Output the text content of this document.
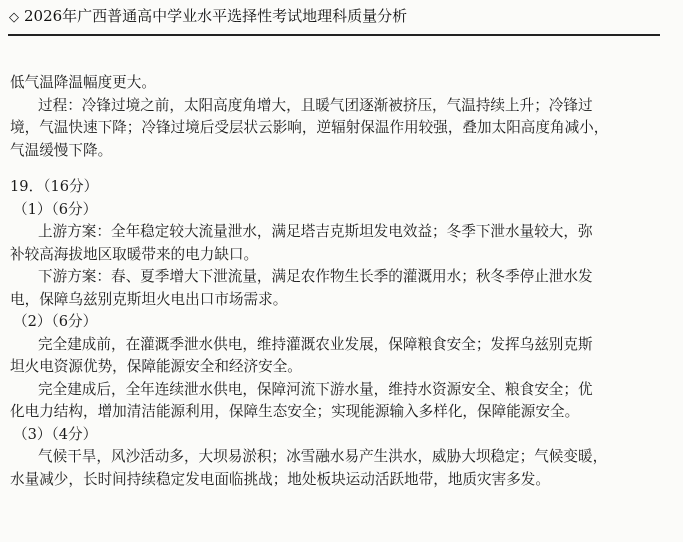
◇ 2026年广西普通高中学业水平选择性考试地理科质量分析

低气温降温幅度更大。

过程：冷锋过境之前，太阳高度角增大，且暖气团逐渐被挤压，气温持续上升；冷锋过

境，气温快速下降；冷锋过境后受层状云影响，逆辐射保温作用较强，叠加太阳高度角减小，

气温缓慢下降。

19．（16分）

（1）（6分）

上游方案：全年稳定较大流量泄水，满足塔吉克斯坦发电效益；冬季下泄水量较大，弥

补较高海拔地区取暖带来的电力缺口。

下游方案：春、夏季增大下泄流量，满足农作物生长季的灌溉用水；秋冬季停止泄水发

电，保障乌兹别克斯坦火电出口市场需求。

（2）（6分）

完全建成前，在灌溉季泄水供电，维持灌溉农业发展，保障粮食安全；发挥乌兹别克斯

坦火电资源优势，保障能源安全和经济安全。

完全建成后，全年连续泄水供电，保障河流下游水量，维持水资源安全、粮食安全；优

化电力结构，增加清洁能源利用，保障生态安全；实现能源输入多样化，保障能源安全。

（3）（4分）

气候干旱，风沙活动多，大坝易淤积；冰雪融水易产生洪水，威胁大坝稳定；气候变暖，

水量减少，长时间持续稳定发电面临挑战；地处板块运动活跃地带，地质灾害多发。
